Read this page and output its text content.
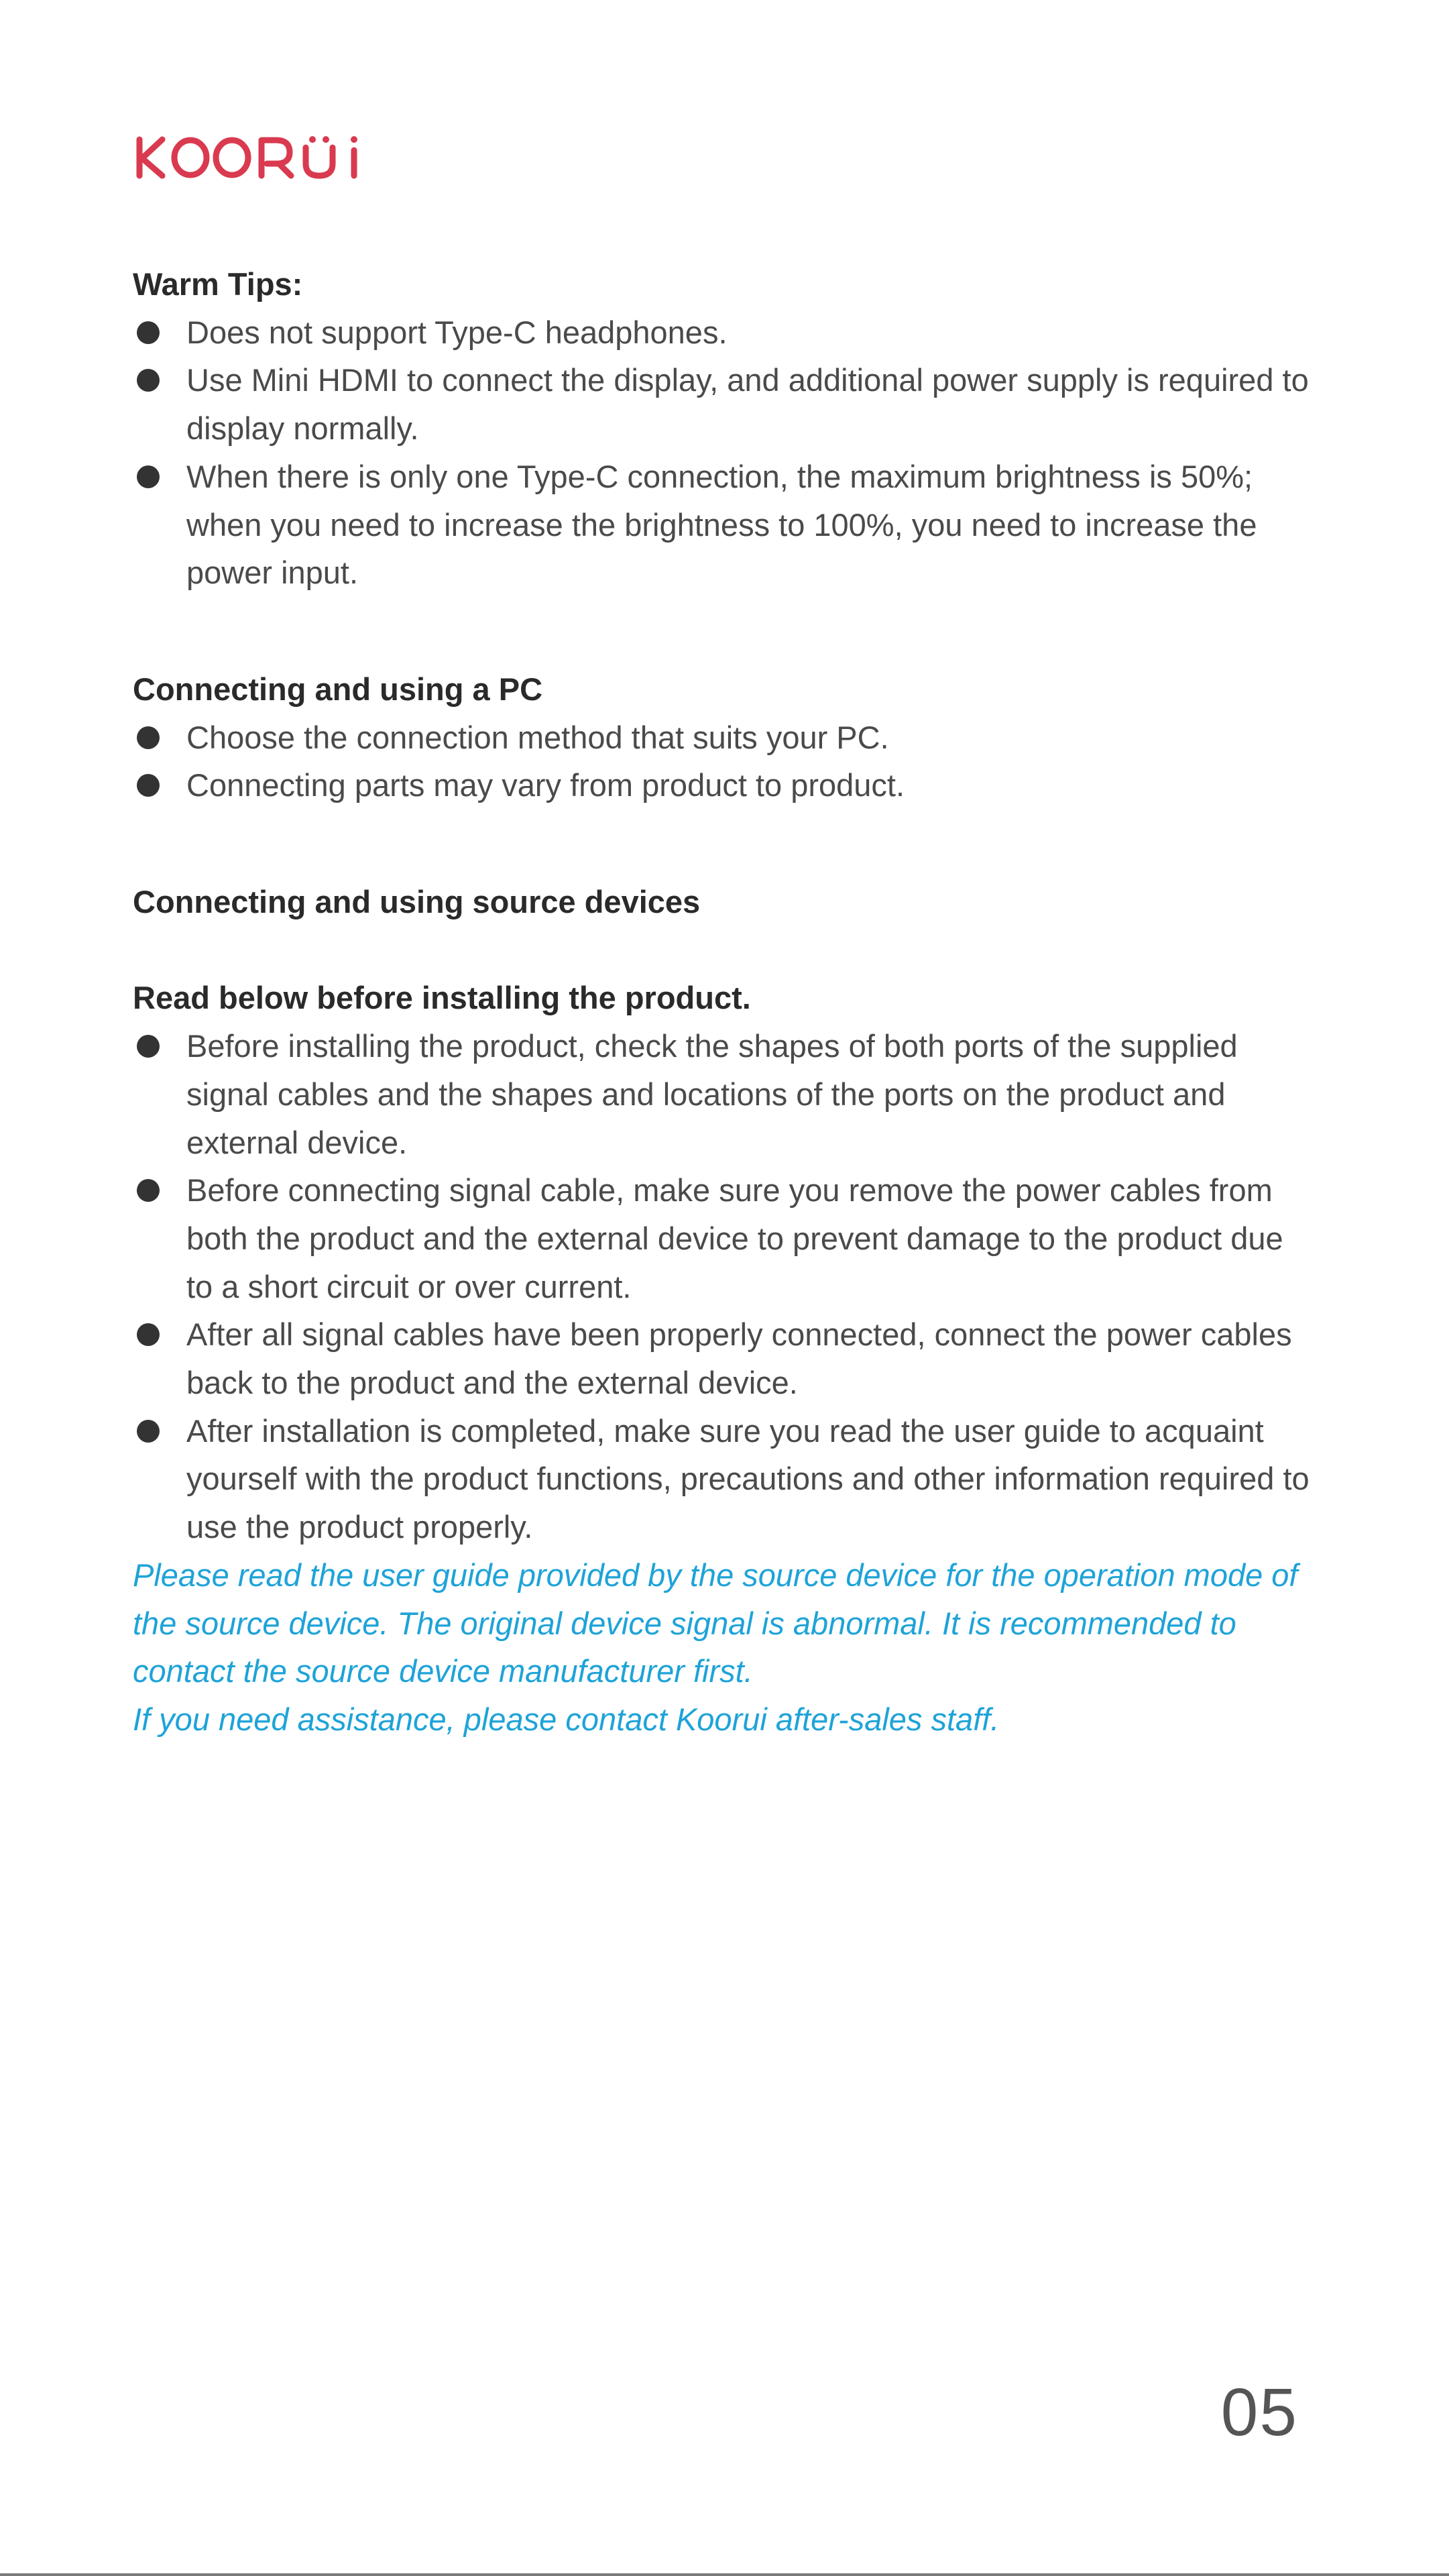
Warm Tips:

Does not support Type-C headphones.
Use Mini HDMI to connect the display, and additional power supply is required to display normally.
When there is only one Type-C connection, the maximum brightness is 50%; when you need to increase the brightness to 100%, you need to increase the power input.

Connecting and using a PC

Choose the connection method that suits your PC.
Connecting parts may vary from product to product.

Connecting and using source devices

Read below before installing the product.

Before installing the product, check the shapes of both ports of the supplied signal cables and the shapes and locations of the ports on the product and external device.
Before connecting signal cable, make sure you remove the power cables from both the product and the external device to prevent damage to the product due to a short circuit or over current.
After all signal cables have been properly connected, connect the power cables back to the product and the external device.
After installation is completed, make sure you read the user guide to acquaint yourself with the product functions, precautions and other information required to use the product properly.

Please read the user guide provided by the source device for the operation mode of the source device. The original device signal is abnormal. It is recommended to contact the source device manufacturer first.

If you need assistance, please contact Koorui after-sales staff.

05
